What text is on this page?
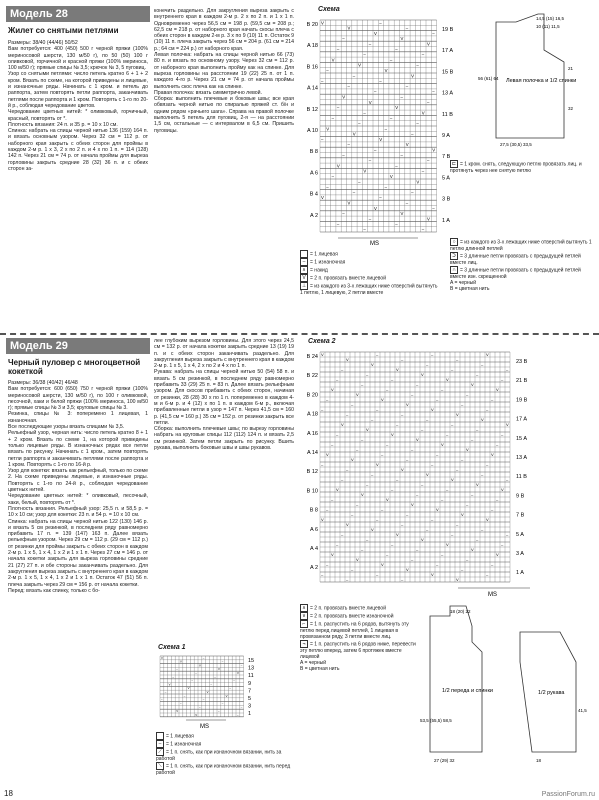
Модель 28
Жилет со снятыми петлями
Размеры: 38/40 (44/46) 50/52
Вам потребуется: 400 (450) 500 г черной пряжи (100% мериносовой шерсти, 130 м/50 г), по 50 (50) 100 г оливковой, горчичной и красной пряжи (100% мериноса, 100 м/50 г); прямые спицы № 3,5; крючок № 3, 5 пуговиц.
Узор со снятыми петлями: число петель кратно 6 + 1 + 2 кром. Вязать по схеме, на которой приведены и лицевые, и изнаночные ряды. Начинать с 1 кром. и петель до раппорта, затем повторять петли раппорта, заканчивать петлями после раппорта и 1 кром. Повторять с 1-го по 20-й р., соблюдая чередование цветов.
Чередование цветных нитей: * оливковый, горчичный, красный, повторять от *.
Плотность вязания: 24 п. и 35 р. = 10 х 10 см.
Спинка: набрать на спицы черной нитью 136 (159) 164 п. и вязать основным узором. Через 32 см = 112 р. от наборного края закрыть с обеих сторон для проймы в каждом 2-м р. 1 х 3, 2 х по 2 п. и 4 х по 1 п. = 114 (128) 142 п. Через 21 см = 74 р. от начала проймы для выреза горловины закрыть средние 28 (32) 36 п. и с обеих сторон за-
конечить раздельно. Для закругления выреза закрыть с внутреннего края в каждом 2-м р. 2 х по 2 п. и 1 х 1 п. Одновременно через 56,5 см = 198 р. (59,5 см = 208 р.; 62,5 см = 218 р. от наборного края начать скосы плеча с обеих сторон в каждом 2-м р. 3 х по 9 (10) 11 п. Остаток 9 (10) 11 п. плеча закрыть через 56 см = 204 р. (61 см = 214 р.; 64 см = 224 р.) от наборного края.
Левая полочка: набрать на спицы черной нитью 66 (73) 80 п. и вязать по основному узору. Через 32 см = 112 р. от наборного края выполнить пройму как на спинке. Для выреза горловины на расстоянии 19 (22) 25 п. от 1 п. каждого 4-го р. Через 21 см = 74 р. от начала проймы выполнить скос плеча как на спинке.
Правая полочка: вязать симметрично левой.
Сборка: выполнить плечевые и боковые швы; все края обвязать черной нитью по спиралью пряжей ст. б/н и одним рядом «рачьего шага». Справа на правой полочке выполнить 5 петель для пуговиц, 2-я — на расстоянии 1,5 см, остальные — с интервалом в 6,5 см. Пришить пуговицы.
Схема
V	–
V	–
V	–
–	V
–	V
–	–
–	–
V	–
V	–
–	V
–	V
–	–
–	–
–	–
V	–
V	–
–	V
–	V
–	–
–	–
V	–
V	–
–	V
–	V
–	V
–	–
–	–
V	–
V	–
–	V
–	V
–	–
–	–
V	–
V	–
V	–
–	V
–	V
–	–
–	–
B 20
A 18
B 16
A 14
B 12
A 10
B 8
A 6
B 4
A 2
19 B
17 A
15 B
13 A
11 B
9 A
7 B
5 A
3 B
1 A
MS
Левая полочка и 1/2 спинки
14,5 (15) 16,5
10 (11) 11,5
21
32
27,5 (30,5) 33,5
56 (61) 64
= 1 лицевая
– = 1 изнаночная
∧ = накид
V = 2 п. провязать вместе лицевой
⊥ = из каждого из 3-х лежащих ниже отверстий вытянуть 1 петлю, 1 лицевую, 2 петли вместе
⊏ = 1 кром. снять, следующую петлю провязать лиц. и протянуть через нее снятую петлю
○ = из каждого из 3-х лежащих ниже отверстий вытянуть 1 петлю длинной петлей
Ↄ = 3 длинные петли провязать с предыдущей петлей вместе лиц.
∩ = 3 длинные петли провязать с предыдущей петлей вместе изн. скрещенной
A = черный
B = цветная нить
Модель 29
Черный пуловер с многоцветной кокеткой
Размеры: 36/38 (40/42) 46/48
Вам потребуется: 600 (650) 750 г черной пряжи (100% мериносовой шерсти, 130 м/50 г), по 100 г оливковой, песочной, хаки и белой пряжи (100% мериноса, 100 м/50 г); прямые спицы № 3 и 3,5; круговые спицы № 3.
Резинка, спицы № 3: поперемено 1 лицевая, 1 изнаночная.
Все последующие узоры вязать спицами № 3,5.
Рельефный узор, черная нить: число петель кратно 8 + 1 + 2 кром. Вязать по схеме 1, на которой приведены только лицевые ряды. В изнаночных рядах все петли вязать по рисунку. Начинать с 1 кром., затем повторять петли раппорта и заканчивать петлями после раппорта и 1 кром. Повторять с 1-го по 16-й р.
Узор для кокетки: вязать как рельефный, только по схеме 2. На схеме приведены лицевые, и изнаночные ряды. Повторять с 1-го по 24-й р., соблюдая чередование цветных нитей.
Чередование цветных нитей: * оливковый, песочный, хаки, белый, повторять от *.
Плотность вязания. Рельефный узор: 25,5 п. и 58,5 р. = 10 х 10 см; узор для кокетки: 23 п. и 54 р. = 10 х 10 см.
Спинка: набрать на спицы черной нитью 122 (130) 146 р. и вязать 5 см резинкой, в последнем ряду равномерно прибавить 17 п. = 139 (147) 163 п. Далее вязать рельефным узором. Через 29 см = 112 р. (29 см = 112 р.) от резинки для проймы закрыть с обеих сторон в каждом 2-м р. 1 х 5, 1 х 4, 1 х 2 и 1 х 1 п. Через 27 см = 146 р. от начала кокетки закрыть для выреза горловины средние 21 (27) 27 п. и обе стороны заканчивать раздельно. Для закругления выреза закрыть с внутреннего края в каждом 2-м р. 1 х 5, 1 х 4, 1 х 2 и 1 х 1 п. Остаток 47 (51) 56 п. плеча закрыть через 29 см = 156 р. от начала кокетки.
Перед: вязать как спинку, только с бо-
лее глубоким вырезом горловины. Для этого через 24,5 см = 132 р. от начала кокетки закрыть средние 13 (19) 19 п. и с обеих сторон заканчивать раздельно. Для закругления выреза закрыть с внутреннего края в каждом 2-м р. 1 х 5, 1 х 4, 2 х по 2 и 4 х по 1 п.
Рукава: набрать на спицы черной нитью 50 (54) 58 п. и вязать 5 см резинкой, в последнем ряду равномерно прибавить 33 (29) 25 п. = 83 п. Далее вязать рельефным узором. Для скосов прибавить с обеих сторон, начиная от резинки, 28 (28) 30 х по 1 п. попеременно в каждом 4-м и 6-м р. и 4 (12) х по 1 п. в каждом 6-м р., включая прибавленные петли в узор = 147 п. Через 41,5 см = 160 р. (41,5 см = 160 р.) 35 см = 152 р. от резинки закрыть все петли.
Сборка: выполнить плечевые швы; по вырезу горловины набрать на круговые спицы 112 (112) 124 п. и вязать 2,5 см резинкой. Затем петли закрыть по рисунку. Вшить рукава, выполнить боковые швы и швы рукавов.
Схема 2
V	–	–	V
V	–	–
V	–	–
–	V	–	–
–	V	–
–	–	V	–
–	–	V
V	–	–	V
V	–	–
–	V	–	–
–	V	–
–	–	V	–
–	–	V
–	–	V
V	–	–	V
V	–	–
–	V	–	–
–	V	–
–	–	V	–
–	–	V
V	–	–	V
V	–	–
–	V	–	–
–	V	–
–	V	–
–	–	V	–
–	–	V
V	–	–	V
V	–	–
–	V	–	–
–	V	–
–	–	V	–
–	–	V
V	–	–	V
V	–	–
V	–	–
–	V	–	–
–	V	–
–	–	V	–
–	–	V
V	–	–	V
V	–	–
–	V	–	–
–	V	–
–	–	V	–
–	–	V
B 24
B 22
B 20
A 18
A 16
A 14
B 12
B 10
B 8
A 6
A 4
A 2
23 B
21 B
19 B
17 A
15 A
13 A
11 B
9 B
7 B
5 A
3 A
1 A
MS
Схема 1
V	–
V	–
V	–
–	V
–	V
–	–
–	–
V	–
V	–
–	V
–	V
–	–
–	–
–	–
V	–
V	–
15
13
11
9
7
5
3
1
MS
= 1 лицевая
– = 1 изнаночная
⟋ = 1 п. снять, как при изнаночном вязании, нить за работой
⟍ = 1 п. снять, как при изнаночном вязании, нить перед работой
∧ = 2 п. провязать вместе лицевой
∨ = 2 п. провязать вместе изнаночной
⌐ = 1 п. распустить на 6 рядов, вытянуть эту петлю перед лицевой петлей, 1 лицевая в провязанном ряду, 3 петли вместе лиц.
¬ = 1 п. распустить на 6 рядов ниже, перевести эту петлю вперед, затем 6 протяжек вместе лицевой
A = черный
B = цветная нить
1/2 переда и спинки
18 (20) 22
53,5 (55,5) 58,5
27 (29) 32
1/2 рукава
41,5
18
18	PassionForum.ru
